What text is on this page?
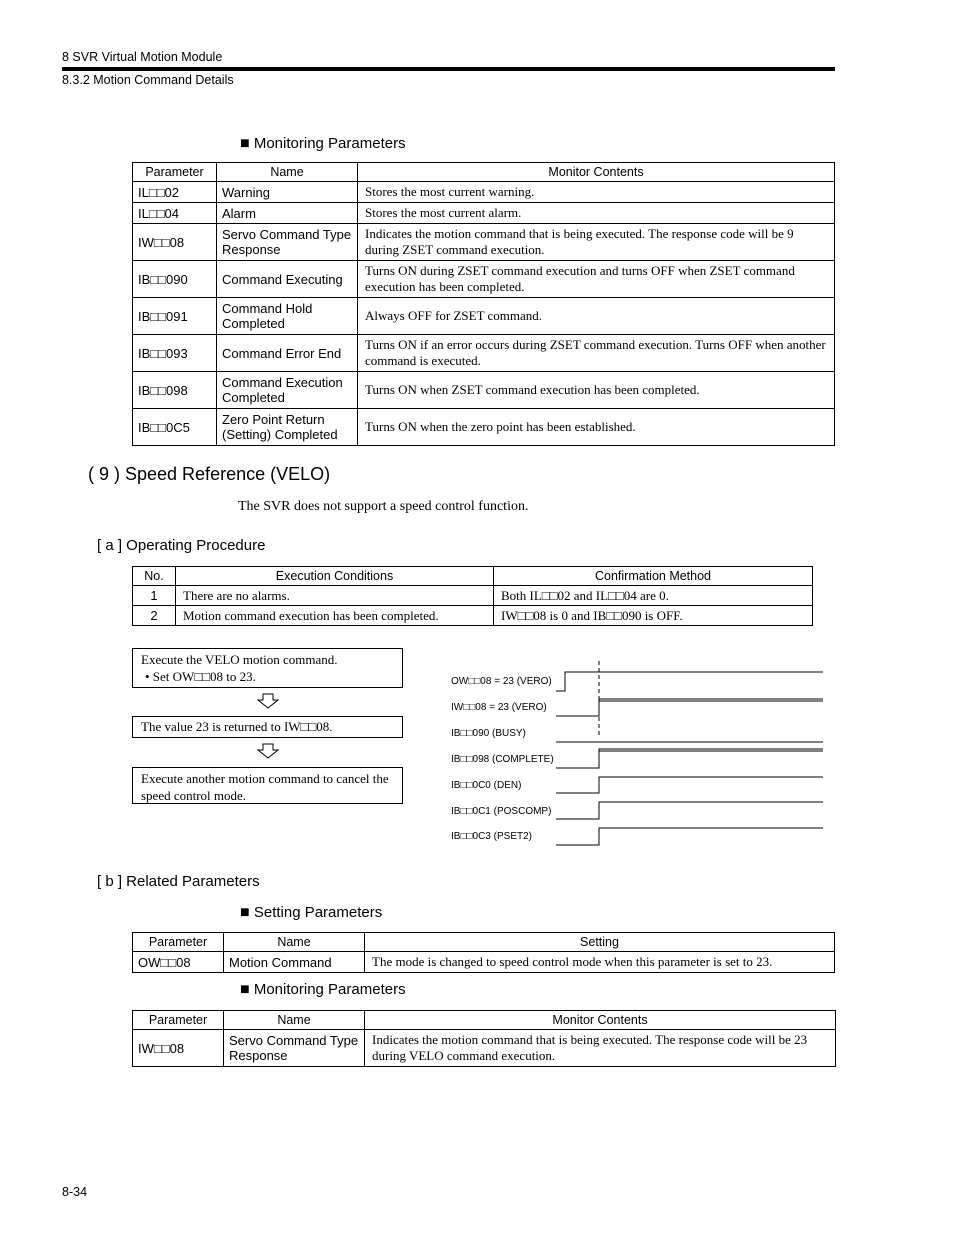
8 SVR Virtual Motion Module
8.3.2 Motion Command Details
■ Monitoring Parameters
Parameter	Name	Monitor Contents
IL□□02	Warning	Stores the most current warning.
IL□□04	Alarm	Stores the most current alarm.
IW□□08	Servo Command Type Response	Indicates the motion command that is being executed. The response code will be 9 during ZSET command execution.
IB□□090	Command Executing	Turns ON during ZSET command execution and turns OFF when ZSET command execution has been completed.
IB□□091	Command Hold Completed	Always OFF for ZSET command.
IB□□093	Command Error End	Turns ON if an error occurs during ZSET command execution. Turns OFF when another command is executed.
IB□□098	Command Execution Completed	Turns ON when ZSET command execution has been completed.
IB□□0C5	Zero Point Return (Setting) Completed	Turns ON when the zero point has been established.
( 9 ) Speed Reference (VELO)
The SVR does not support a speed control function.
[ a ] Operating Procedure
No.	Execution Conditions	Confirmation Method
1	There are no alarms.	Both IL□□02 and IL□□04 are 0.
2	Motion command execution has been completed.	IW□□08 is 0 and IB□□090 is OFF.
Execute the VELO motion command.
• Set OW□□08 to 23.
The value 23 is returned to IW□□08.
Execute another motion command to cancel the speed control mode.
OW□□08 = 23 (VERO)
IW□□08 = 23 (VERO)
IB□□090 (BUSY)
IB□□098 (COMPLETE)
IB□□0C0 (DEN)
IB□□0C1 (POSCOMP)
IB□□0C3 (PSET2)
[ b ] Related Parameters
■ Setting Parameters
Parameter	Name	Setting
OW□□08	Motion Command	The mode is changed to speed control mode when this parameter is set to 23.
■ Monitoring Parameters
Parameter	Name	Monitor Contents
IW□□08	Servo Command Type Response	Indicates the motion command that is being executed. The response code will be 23 during VELO command execution.
8-34
